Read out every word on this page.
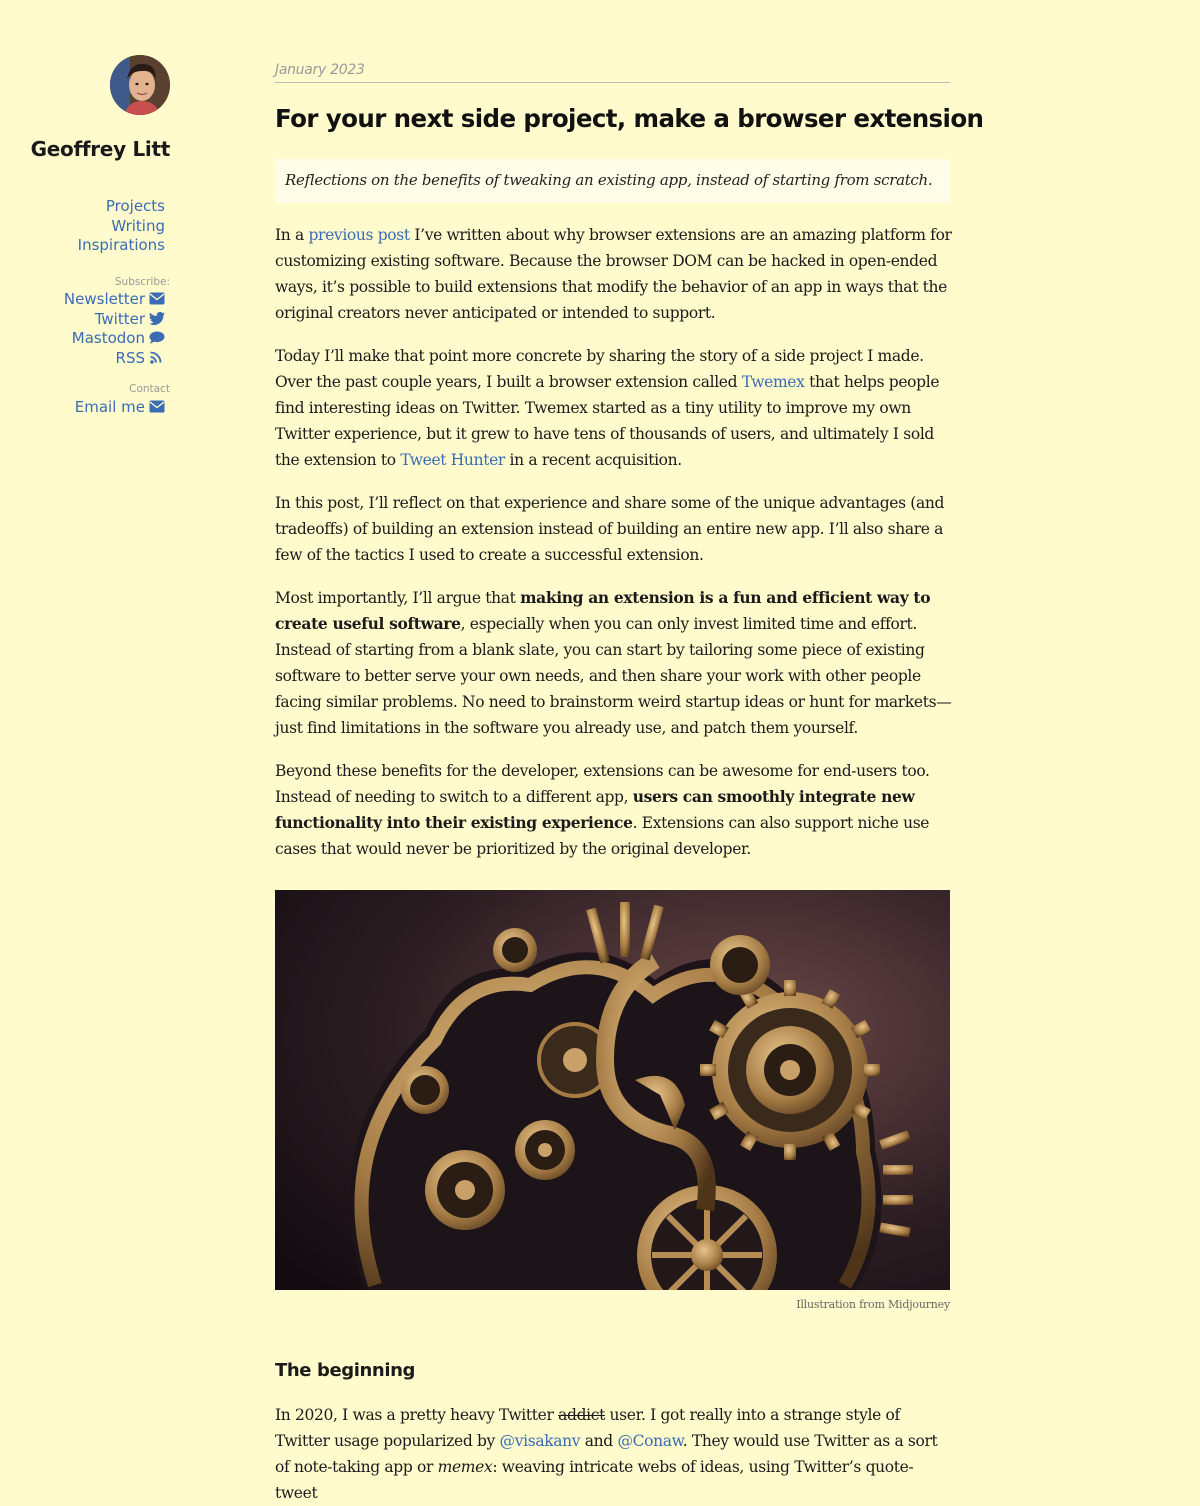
Geoffrey Litt
Projects
Writing
Inspirations
Subscribe:
Newsletter
Twitter
Mastodon
RSS
Contact
Email me
January 2023
For your next side project, make a browser extension

Reflections on the benefits of tweaking an existing app, instead of starting from scratch.

In a previous post I’ve written about why browser extensions are an amazing platform for customizing existing software. Because the browser DOM can be hacked in open-ended ways, it’s possible to build extensions that modify the behavior of an app in ways that the original creators never anticipated or intended to support.

Today I’ll make that point more concrete by sharing the story of a side project I made. Over the past couple years, I built a browser extension called Twemex that helps people find interesting ideas on Twitter. Twemex started as a tiny utility to improve my own Twitter experience, but it grew to have tens of thousands of users, and ultimately I sold the extension to Tweet Hunter in a recent acquisition.

In this post, I’ll reflect on that experience and share some of the unique advantages (and tradeoffs) of building an extension instead of building an entire new app. I’ll also share a few of the tactics I used to create a successful extension.

Most importantly, I’ll argue that making an extension is a fun and efficient way to create useful software, especially when you can only invest limited time and effort. Instead of starting from a blank slate, you can start by tailoring some piece of existing software to better serve your own needs, and then share your work with other people facing similar problems. No need to brainstorm weird startup ideas or hunt for markets—just find limitations in the software you already use, and patch them yourself.

Beyond these benefits for the developer, extensions can be awesome for end-users too. Instead of needing to switch to a different app, users can smoothly integrate new functionality into their existing experience. Extensions can also support niche use cases that would never be prioritized by the original developer.

Illustration from Midjourney
The beginning

In 2020, I was a pretty heavy Twitter addict user. I got really into a strange style of Twitter usage popularized by @visakanv and @Conaw. They would use Twitter as a sort of note-taking app or memex: weaving intricate webs of ideas, using Twitter’s quote-tweet
